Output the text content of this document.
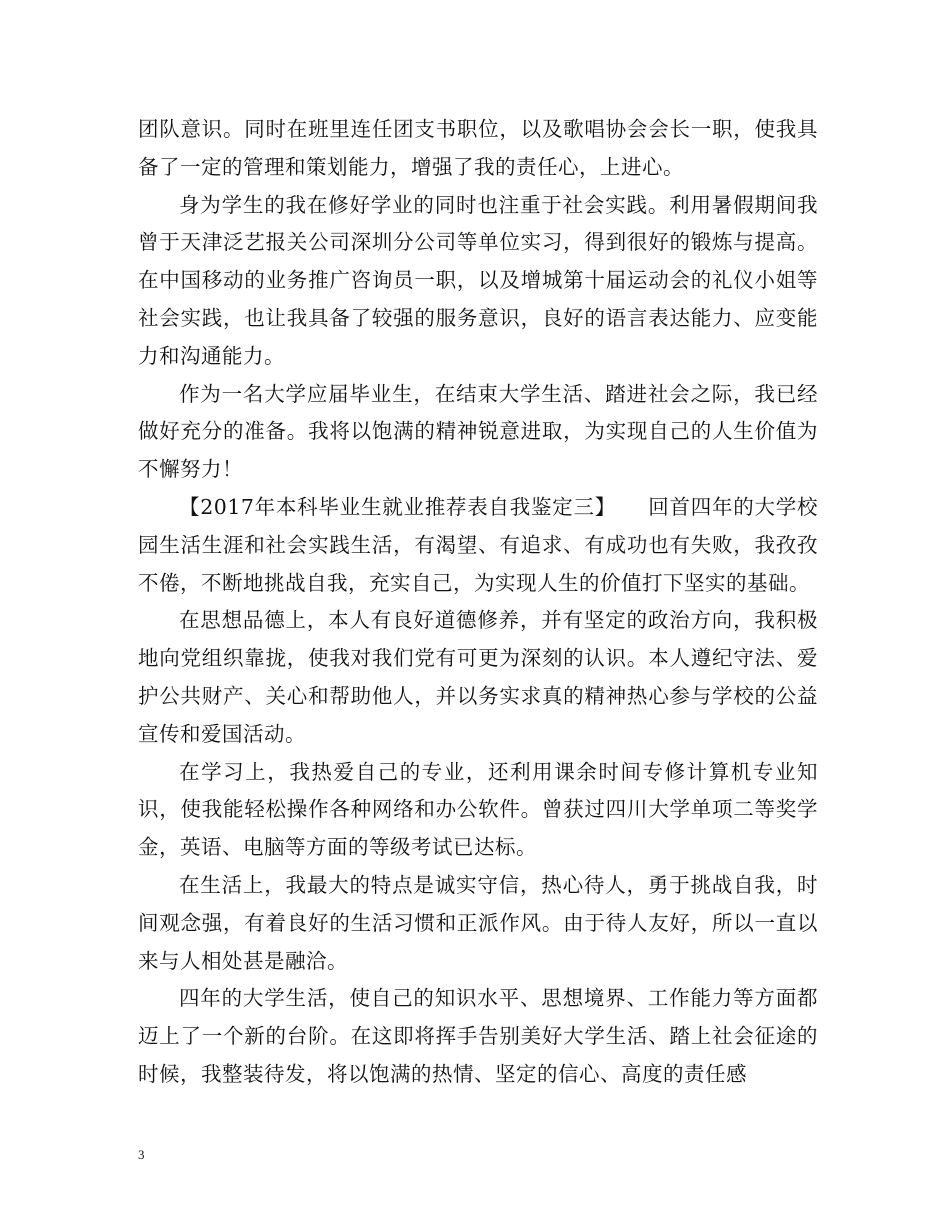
团队意识。同时在班里连任团支书职位，以及歌唱协会会长一职，使我具备了一定的管理和策划能力，增强了我的责任心，上进心。

身为学生的我在修好学业的同时也注重于社会实践。利用暑假期间我曾于天津泛艺报关公司深圳分公司等单位实习，得到很好的锻炼与提高。在中国移动的业务推广咨询员一职，以及增城第十届运动会的礼仪小姐等社会实践，也让我具备了较强的服务意识，良好的语言表达能力、应变能力和沟通能力。

作为一名大学应届毕业生，在结束大学生活、踏进社会之际，我已经做好充分的准备。我将以饱满的精神锐意进取，为实现自己的人生价值为不懈努力！

【2017年本科毕业生就业推荐表自我鉴定三】　　回首四年的大学校园生活生涯和社会实践生活，有渴望、有追求、有成功也有失败，我孜孜不倦，不断地挑战自我，充实自己，为实现人生的价值打下坚实的基础。

在思想品德上，本人有良好道德修养，并有坚定的政治方向，我积极地向党组织靠拢，使我对我们党有可更为深刻的认识。本人遵纪守法、爱护公共财产、关心和帮助他人，并以务实求真的精神热心参与学校的公益宣传和爱国活动。

在学习上，我热爱自己的专业，还利用课余时间专修计算机专业知识，使我能轻松操作各种网络和办公软件。曾获过四川大学单项二等奖学金，英语、电脑等方面的等级考试已达标。

在生活上，我最大的特点是诚实守信，热心待人，勇于挑战自我，时间观念强，有着良好的生活习惯和正派作风。由于待人友好，所以一直以来与人相处甚是融洽。

四年的大学生活，使自己的知识水平、思想境界、工作能力等方面都迈上了一个新的台阶。在这即将挥手告别美好大学生活、踏上社会征途的时候，我整装待发，将以饱满的热情、坚定的信心、高度的责任感

3
